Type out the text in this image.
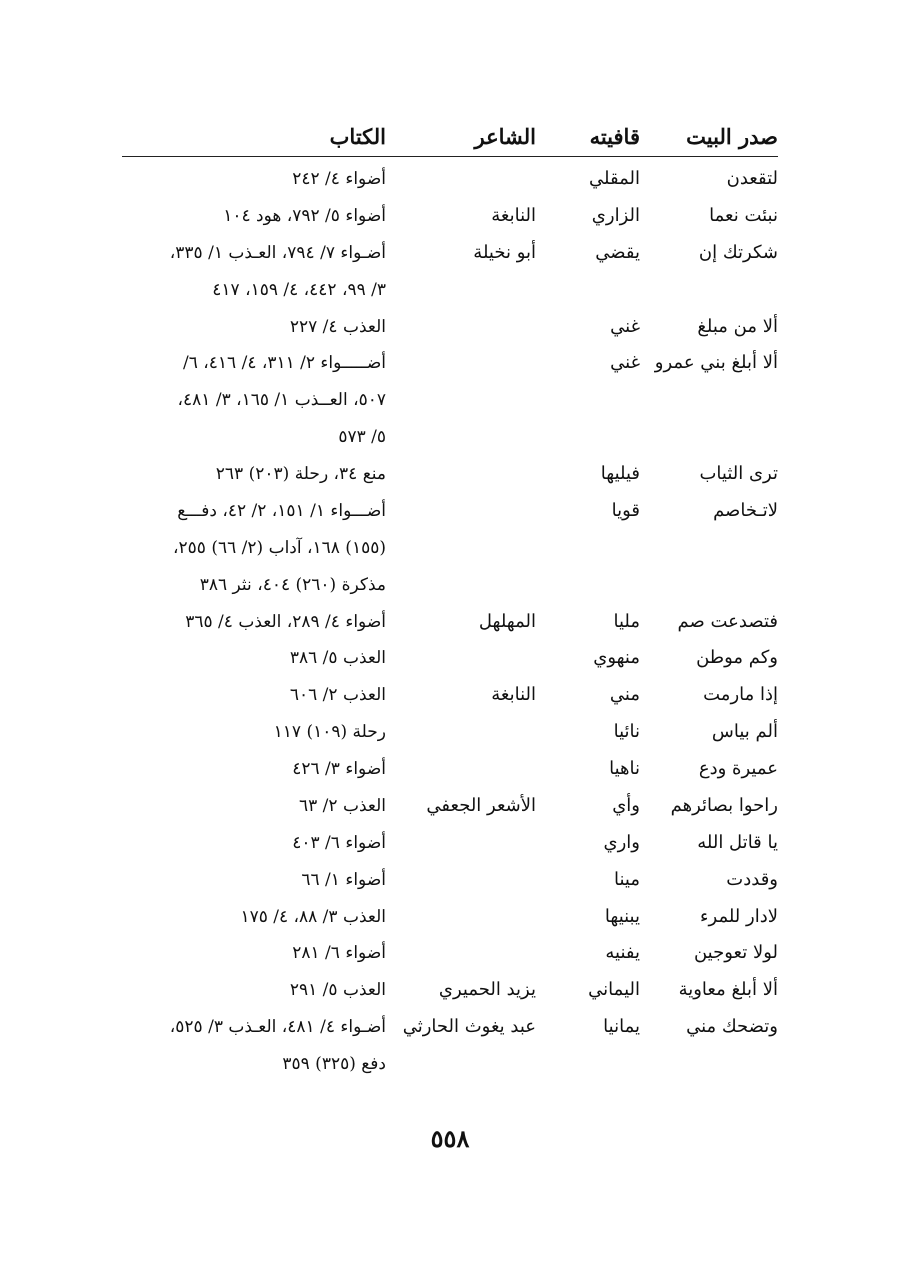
صدر البيت
قافيته
الشاعر
الكتاب
لتقعدن
المقلي
أضواء ٤/ ٢٤٢
نبئت نعما
الزاري
النابغة
أضواء ٥/ ٧٩٢، هود ١٠٤
شكرتك إن
يقضي
أبو نخيلة
أضـواء ٧/ ٧٩٤، العـذب ١/ ٣٣٥،
٣/ ٩٩، ٤٤٢، ٤/ ١٥٩، ٤١٧
ألا من مبلغ
غني
العذب ٤/ ٢٢٧
ألا أبلغ بني عمرو
غني
أضـــــواء ٢/ ٣١١، ٤/ ٤١٦، ٦/
٥٠٧، العــذب ١/ ١٦٥، ٣/ ٤٨١،
٥/ ٥٧٣
ترى الثياب
فيليها
منع ٣٤، رحلة (٢٠٣) ٢٦٣
لاتـخاصم
قويا
أضـــواء ١/ ١٥١، ٢/ ٤٢، دفـــع
(١٥٥) ١٦٨، آداب (٢/ ٦٦) ٢٥٥،
مذكرة (٢٦٠) ٤٠٤، نثر ٣٨٦
فتصدعت صم
مليا
المهلهل
أضواء ٤/ ٢٨٩، العذب ٤/ ٣٦٥
وكم موطن
منهوي
العذب ٥/ ٣٨٦
إذا مارمت
مني
النابغة
العذب ٢/ ٦٠٦
ألم بياس
نائيا
رحلة (١٠٩) ١١٧
عميرة ودع
ناهيا
أضواء ٣/ ٤٢٦
راحوا بصائرهم
وأي
الأشعر الجعفي
العذب ٢/ ٦٣
يا قاتل الله
واري
أضواء ٦/ ٤٠٣
وقددت
مينا
أضواء ١/ ٦٦
لادار للمرء
يبنيها
العذب ٣/ ٨٨، ٤/ ١٧٥
لولا تعوجين
يفنيه
أضواء ٦/ ٢٨١
ألا أبلغ معاوية
اليماني
يزيد الحميري
العذب ٥/ ٢٩١
وتضحك مني
يمانيا
عبد يغوث الحارثي
أضـواء ٤/ ٤٨١، العـذب ٣/ ٥٢٥،
دفع (٣٢٥) ٣٥٩
٥٥٨
